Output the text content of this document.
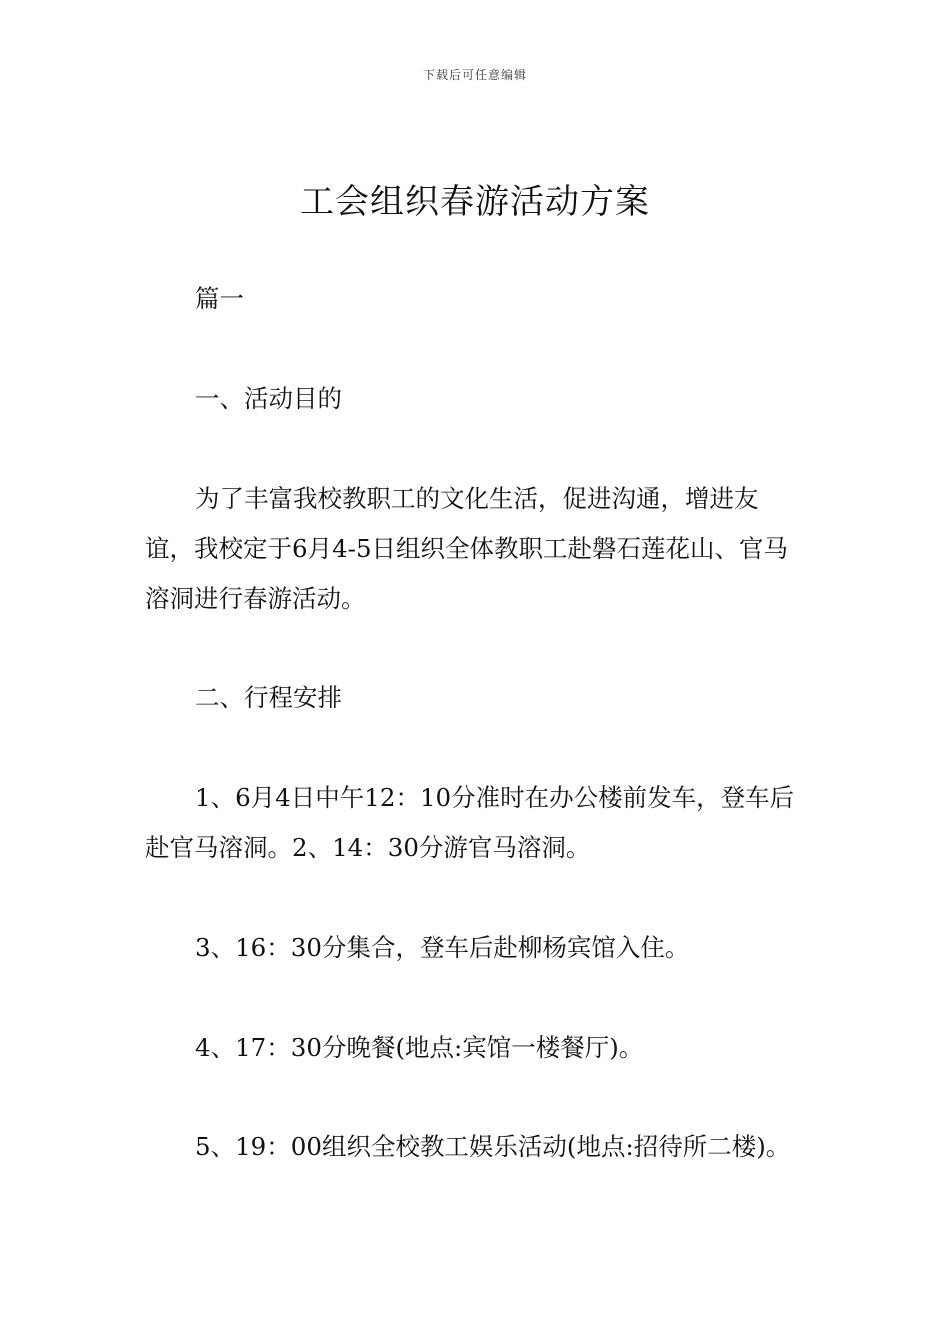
下载后可任意编辑
工会组织春游活动方案

篇一

一、活动目的

为了丰富我校教职工的文化生活，促进沟通，增进友谊，我校定于6月4-5日组织全体教职工赴磐石莲花山、官马溶洞进行春游活动。

二、行程安排

1、6月4日中午12：10分准时在办公楼前发车，登车后赴官马溶洞。2、14：30分游官马溶洞。

3、16：30分集合，登车后赴柳杨宾馆入住。

4、17：30分晚餐(地点:宾馆一楼餐厅)。

5、19：00组织全校教工娱乐活动(地点:招待所二楼)。
